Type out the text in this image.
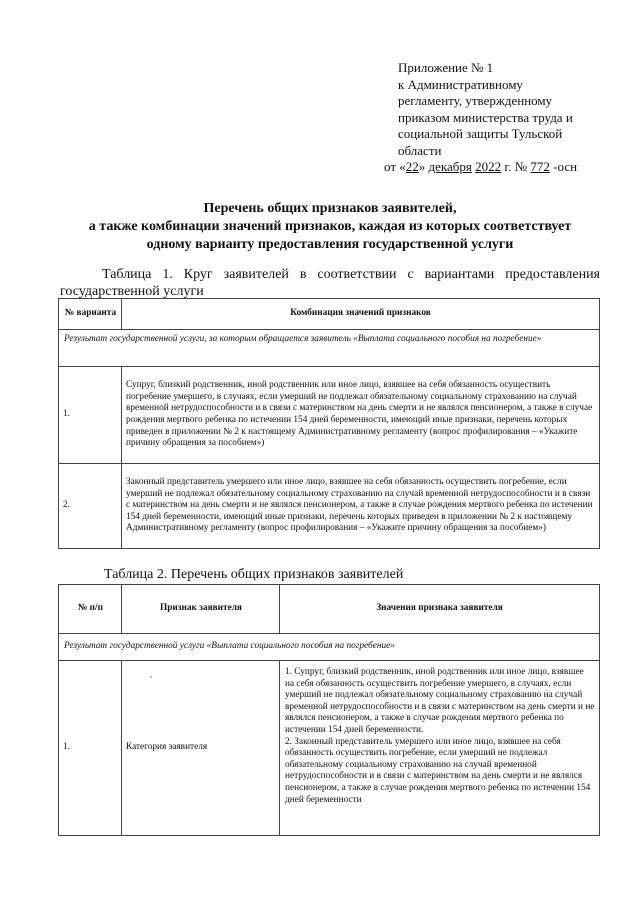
Приложение № 1
к Административному
регламенту, утвержденному
приказом министерства труда и
социальной защиты Тульской
области
от «22» декабря 2022 г. № 772 -осн
Перечень общих признаков заявителей,
а также комбинации значений признаков, каждая из которых соответствует
одному варианту предоставления государственной услуги
Таблица 1. Круг заявителей в соответствии с вариантами предоставления государственной услуги
№ варианта	Комбинация значений признаков
Результат государственной услуги, за которым обращается заявитель «Выплата социального пособия на погребение»	
1.	Супруг, близкий родственник, иной родственник или иное лицо, взявшее на себя обязанность осуществить погребение умершего, в случаях, если умерший не подлежал обязательному социальному страхованию на случай временной нетрудоспособности и в связи с материнством на день смерти и не являлся пенсионером, а также в случае рождения мертвого ребенка по истечении 154 дней беременности, имеющий иные признаки, перечень которых приведен в приложении № 2 к настоящему Административному регламенту (вопрос профилирования – «Укажите причину обращения за пособием»)
2.	Законный представитель умершего или иное лицо, взявшее на себя обязанность осуществить погребение, если умерший не подлежал обязательному социальному страхованию на случай временной нетрудоспособности и в связи с материнством на день смерти и не являлся пенсионером, а также в случае рождения мертвого ребенка по истечении 154 дней беременности, имеющий иные признаки, перечень которых приведен в приложении № 2 к настоящему Административному регламенту (вопрос профилирования – «Укажите причину обращения за пособием»)
Таблица 2. Перечень общих признаков заявителей
№ п/п	Признак заявителя	Значения признака заявителя
Результат государственной услуги «Выплата социального пособия на погребение»		
1.	Категория заявителя	1. Супруг, близкий родственник, иной родственник или иное лицо, взявшее на себя обязанность осуществить погребение умершего, в случаях, если умерший не подлежал обязательному социальному страхованию на случай временной нетрудоспособности и в связи с материнством на день смерти и не являлся пенсионером, а также в случае рождения мертвого ребенка по истечении 154 дней беременности.
2. Законный представитель умершего или иное лицо, взявшее на себя обязанность осуществить погребение, если умерший не подлежал обязательному социальному страхованию на случай временной нетрудоспособности и в связи с материнством на день смерти и не являлся пенсионером, а также в случае рождения мертвого ребенка по истечении 154 дней беременности
